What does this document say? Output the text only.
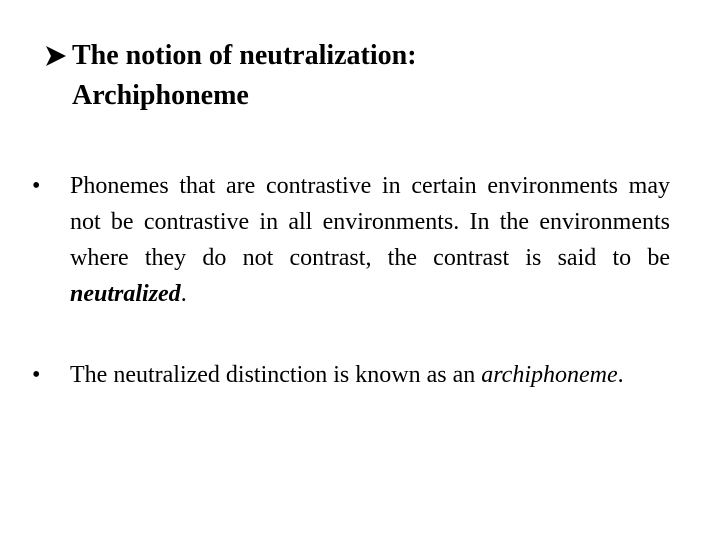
The notion of neutralization:
Archiphoneme
•	Phonemes that are contrastive in certain environments may not be contrastive in all environments. In the environments where they do not contrast, the contrast is said to be neutralized.
•	The neutralized distinction is known as an archiphoneme.
